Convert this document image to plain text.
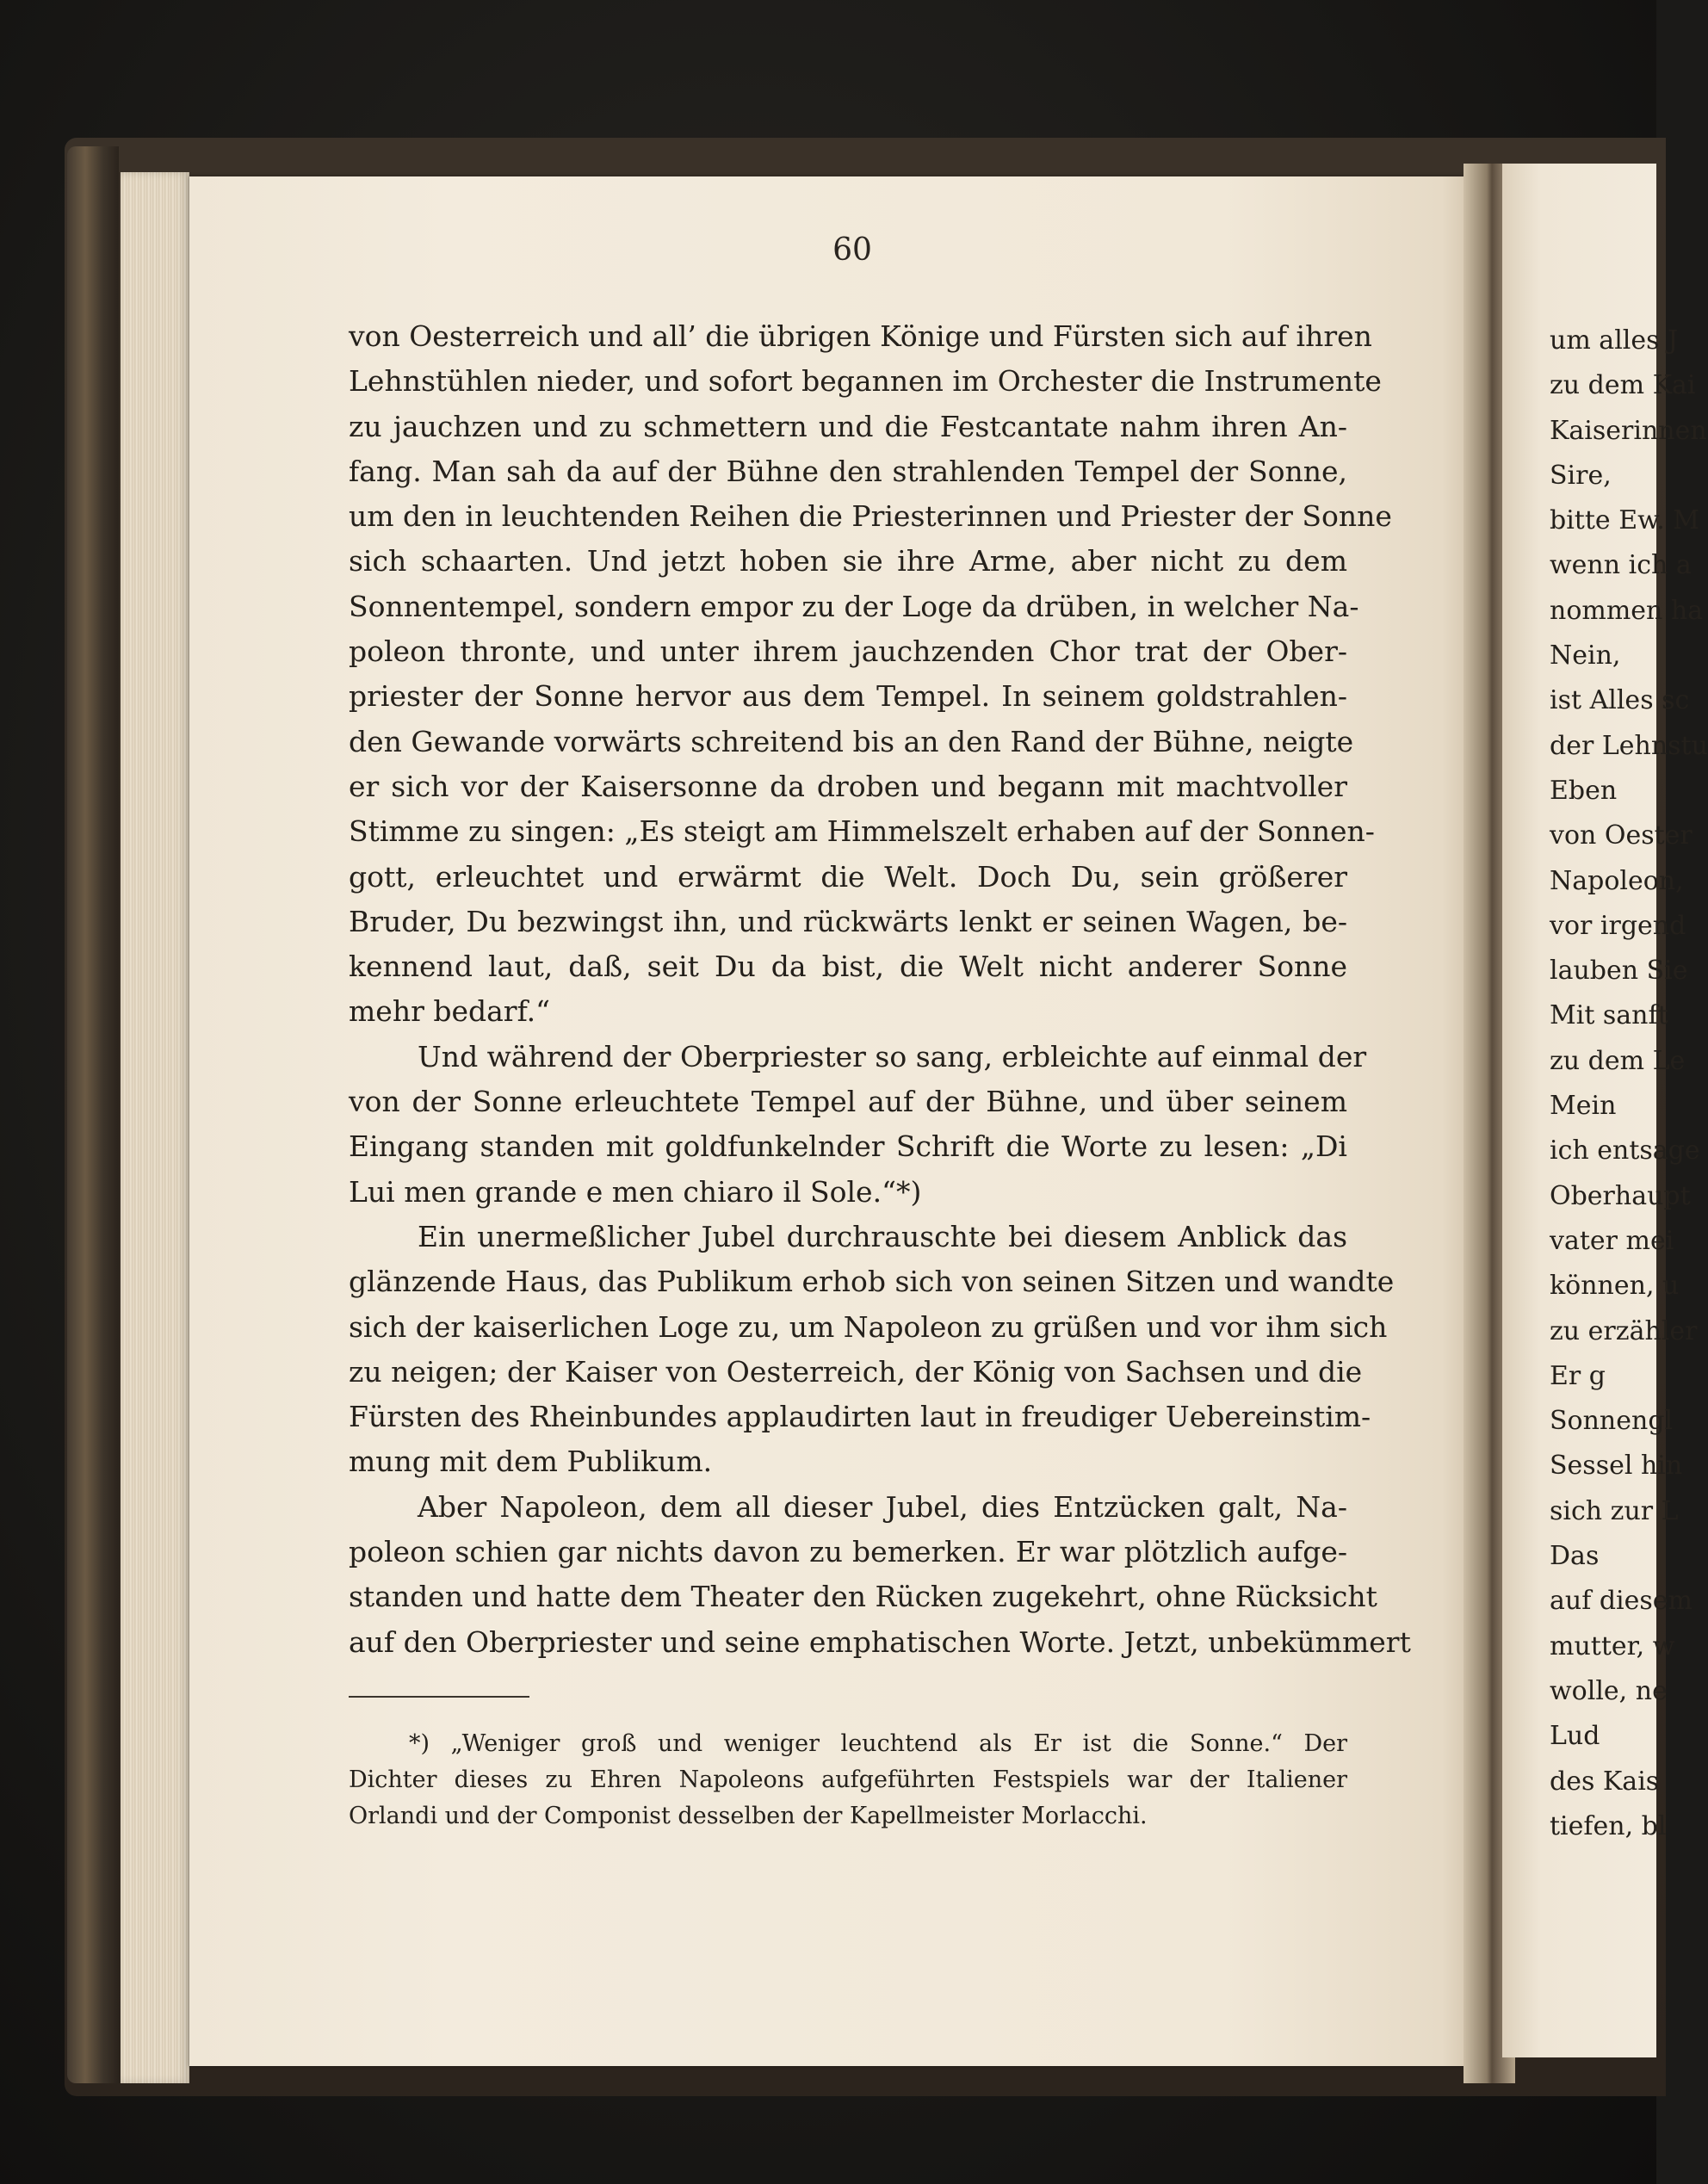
60
von Oesterreich und all’ die übrigen Könige und Fürsten sich auf ihren
Lehnstühlen nieder, und sofort begannen im Orchester die Instrumente
zu jauchzen und zu schmettern und die Festcantate nahm ihren An-
fang. Man sah da auf der Bühne den strahlenden Tempel der Sonne,
um den in leuchtenden Reihen die Priesterinnen und Priester der Sonne
sich schaarten. Und jetzt hoben sie ihre Arme, aber nicht zu dem
Sonnentempel, sondern empor zu der Loge da drüben, in welcher Na-
poleon thronte, und unter ihrem jauchzenden Chor trat der Ober-
priester der Sonne hervor aus dem Tempel. In seinem goldstrahlen-
den Gewande vorwärts schreitend bis an den Rand der Bühne, neigte
er sich vor der Kaisersonne da droben und begann mit machtvoller
Stimme zu singen: „Es steigt am Himmelszelt erhaben auf der Sonnen-
gott, erleuchtet und erwärmt die Welt. Doch Du, sein größerer
Bruder, Du bezwingst ihn, und rückwärts lenkt er seinen Wagen, be-
kennend laut, daß, seit Du da bist, die Welt nicht anderer Sonne
mehr bedarf.“
Und während der Oberpriester so sang, erbleichte auf einmal der
von der Sonne erleuchtete Tempel auf der Bühne, und über seinem
Eingang standen mit goldfunkelnder Schrift die Worte zu lesen: „Di
Lui men grande e men chiaro il Sole.“*)
Ein unermeßlicher Jubel durchrauschte bei diesem Anblick das
glänzende Haus, das Publikum erhob sich von seinen Sitzen und wandte
sich der kaiserlichen Loge zu, um Napoleon zu grüßen und vor ihm sich
zu neigen; der Kaiser von Oesterreich, der König von Sachsen und die
Fürsten des Rheinbundes applaudirten laut in freudiger Uebereinstim-
mung mit dem Publikum.
Aber Napoleon, dem all dieser Jubel, dies Entzücken galt, Na-
poleon schien gar nichts davon zu bemerken. Er war plötzlich aufge-
standen und hatte dem Theater den Rücken zugekehrt, ohne Rücksicht
auf den Oberpriester und seine emphatischen Worte. Jetzt, unbekümmert
*) „Weniger groß und weniger leuchtend als Er ist die Sonne.“ Der
Dichter dieses zu Ehren Napoleons aufgeführten Festspiels war der Italiener
Orlandi und der Componist desselben der Kapellmeister Morlacchi.
um alles J
zu dem Kai
Kaiserinnen
Sire,
bitte Ew. M
wenn ich a
nommen ha
Nein,
ist Alles sc
der Lehnstu
Eben
von Oester
Napoleon,
vor irgend
lauben Sie
Mit sanft
zu dem Le
Mein
ich entsage
Oberhaupt
vater mei
können, u
zu erzähler
Er g
Sonnengl
Sessel hin
sich zur L
Das
auf diesem
mutter, w
wolle, ne
Lud
des Kais
tiefen, bl
